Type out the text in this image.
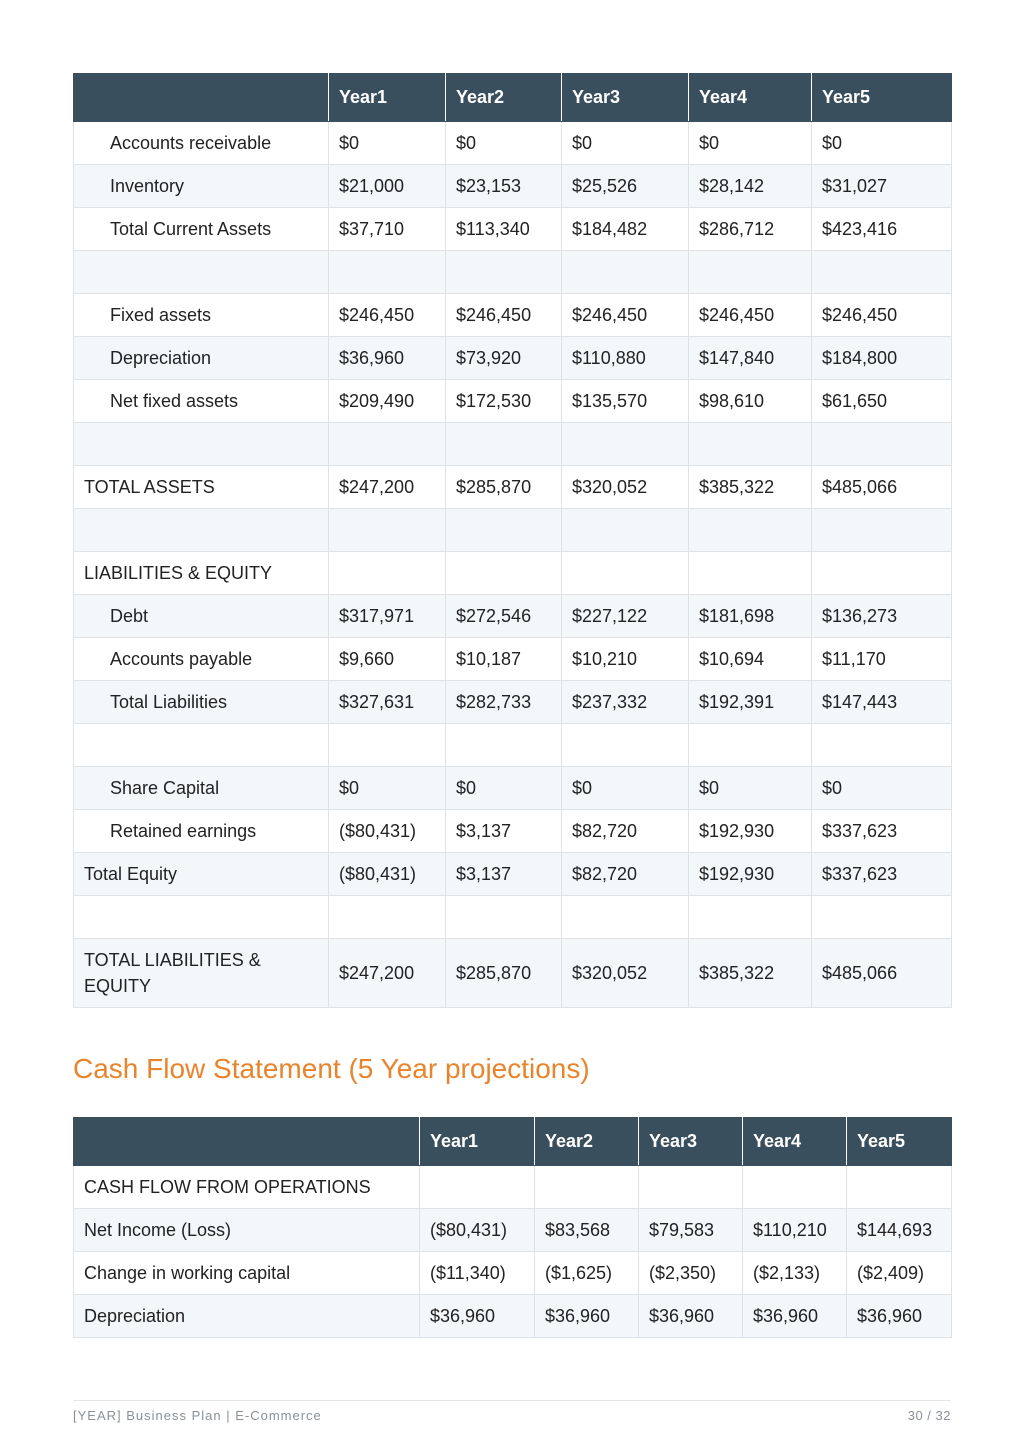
	Year1	Year2	Year3	Year4	Year5
Accounts receivable	$0	$0	$0	$0	$0
Inventory	$21,000	$23,153	$25,526	$28,142	$31,027
Total Current Assets	$37,710	$113,340	$184,482	$286,712	$423,416

Fixed assets	$246,450	$246,450	$246,450	$246,450	$246,450
Depreciation	$36,960	$73,920	$110,880	$147,840	$184,800
Net fixed assets	$209,490	$172,530	$135,570	$98,610	$61,650

TOTAL ASSETS	$247,200	$285,870	$320,052	$385,322	$485,066

LIABILITIES & EQUITY					
Debt	$317,971	$272,546	$227,122	$181,698	$136,273
Accounts payable	$9,660	$10,187	$10,210	$10,694	$11,170
Total Liabilities	$327,631	$282,733	$237,332	$192,391	$147,443

Share Capital	$0	$0	$0	$0	$0
Retained earnings	($80,431)	$3,137	$82,720	$192,930	$337,623
Total Equity	($80,431)	$3,137	$82,720	$192,930	$337,623

TOTAL LIABILITIES & EQUITY	$247,200	$285,870	$320,052	$385,322	$485,066
Cash Flow Statement (5 Year projections)
	Year1	Year2	Year3	Year4	Year5
CASH FLOW FROM OPERATIONS					
Net Income (Loss)	($80,431)	$83,568	$79,583	$110,210	$144,693
Change in working capital	($11,340)	($1,625)	($2,350)	($2,133)	($2,409)
Depreciation	$36,960	$36,960	$36,960	$36,960	$36,960
[YEAR] Business Plan | E-Commerce	30 / 32
